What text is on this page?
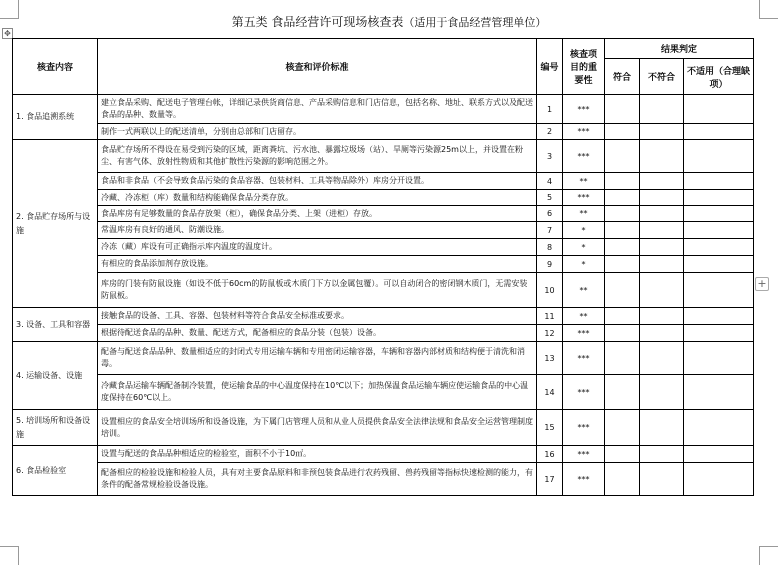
✥
+
第五类 食品经营许可现场核查表（适用于食品经营管理单位）
核查内容	核查和评价标准	编号	核查项目的重要性	结果判定		
				符合	不符合	不适用（合理缺项）
1. 食品追溯系统	建立食品采购、配送电子管理台帐，详细记录供货商信息、产品采购信息和门店信息，包括名称、地址、联系方式以及配送食品的品种、数量等。	1	***			
	制作一式两联以上的配送清单，分别由总部和门店留存。	2	***			
2. 食品贮存场所与设施	食品贮存场所不得设在易受到污染的区域，距离粪坑、污水池、暴露垃圾场（站）、旱厕等污染源25m以上，并设置在粉尘、有害气体、放射性物质和其他扩散性污染源的影响范围之外。	3	***			
	食品和非食品（不会导致食品污染的食品容器、包装材料、工具等物品除外）库房分开设置。	4	**			
	冷藏、冷冻柜（库）数量和结构能确保食品分类存放。	5	***			
	食品库房有足够数量的食品存放架（柜），确保食品分类、上架（进柜）存放。	6	**			
	常温库房有良好的通风、防潮设施。	7	*			
	冷冻（藏）库设有可正确指示库内温度的温度计。	8	*			
	有相应的食品添加剂存放设施。	9	*			
	库房的门装有防鼠设施（如设不低于60cm的防鼠板或木质门下方以金属包覆）。可以自动闭合的密闭钢木质门，无需安装防鼠板。	10	**			
3. 设备、工具和容器	接触食品的设备、工具、容器、包装材料等符合食品安全标准或要求。	11	**			
	根据待配送食品的品种、数量、配送方式，配备相应的食品分装（包装）设备。	12	***			
4. 运输设备、设施	配备与配送食品品种、数量相适应的封闭式专用运输车辆和专用密闭运输容器，车辆和容器内部材质和结构便于清洗和消毒。	13	***			
	冷藏食品运输车辆配备制冷装置，使运输食品的中心温度保持在10℃以下；加热保温食品运输车辆应使运输食品的中心温度保持在60℃以上。	14	***			
5. 培训场所和设备设施	设置相应的食品安全培训场所和设备设施，为下属门店管理人员和从业人员提供食品安全法律法规和食品安全运营管理制度培训。	15	***			
6. 食品检验室	设置与配送的食品品种相适应的检验室，面积不小于10㎡。	16	***			
	配备相应的检验设施和检验人员，具有对主要食品原料和非预包装食品进行农药残留、兽药残留等指标快速检测的能力，有条件的配备常规检验设备设施。	17	***			
